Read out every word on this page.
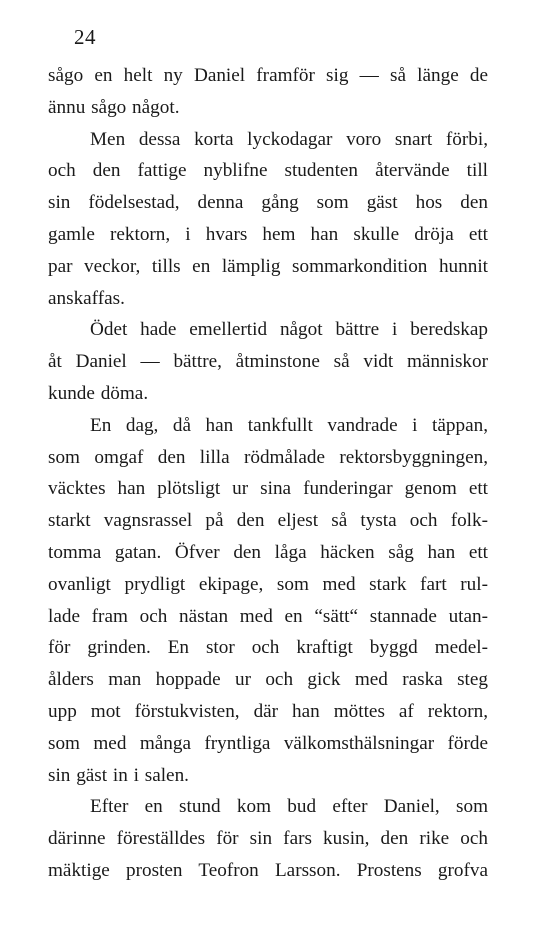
24
sågo en helt ny Daniel framför sig — så länge de
ännu sågo något.
Men dessa korta lyckodagar voro snart förbi,
och den fattige nyblifne studenten återvände till
sin födelsestad, denna gång som gäst hos den
gamle rektorn, i hvars hem han skulle dröja ett
par veckor, tills en lämplig sommarkondition hunnit
anskaffas.
Ödet hade emellertid något bättre i beredskap
åt Daniel — bättre, åtminstone så vidt människor
kunde döma.
En dag, då han tankfullt vandrade i täppan,
som omgaf den lilla rödmålade rektorsbyggningen,
väcktes han plötsligt ur sina funderingar genom ett
starkt vagnsrassel på den eljest så tysta och folk-
tomma gatan. Öfver den låga häcken såg han ett
ovanligt prydligt ekipage, som med stark fart rul-
lade fram och nästan med en “sätt“ stannade utan-
för grinden. En stor och kraftigt byggd medel-
ålders man hoppade ur och gick med raska steg
upp mot förstukvisten, där han möttes af rektorn,
som med många fryntliga välkomsthälsningar förde
sin gäst in i salen.
Efter en stund kom bud efter Daniel, som
därinne föreställdes för sin fars kusin, den rike och
mäktige prosten Teofron Larsson. Prostens grofva
